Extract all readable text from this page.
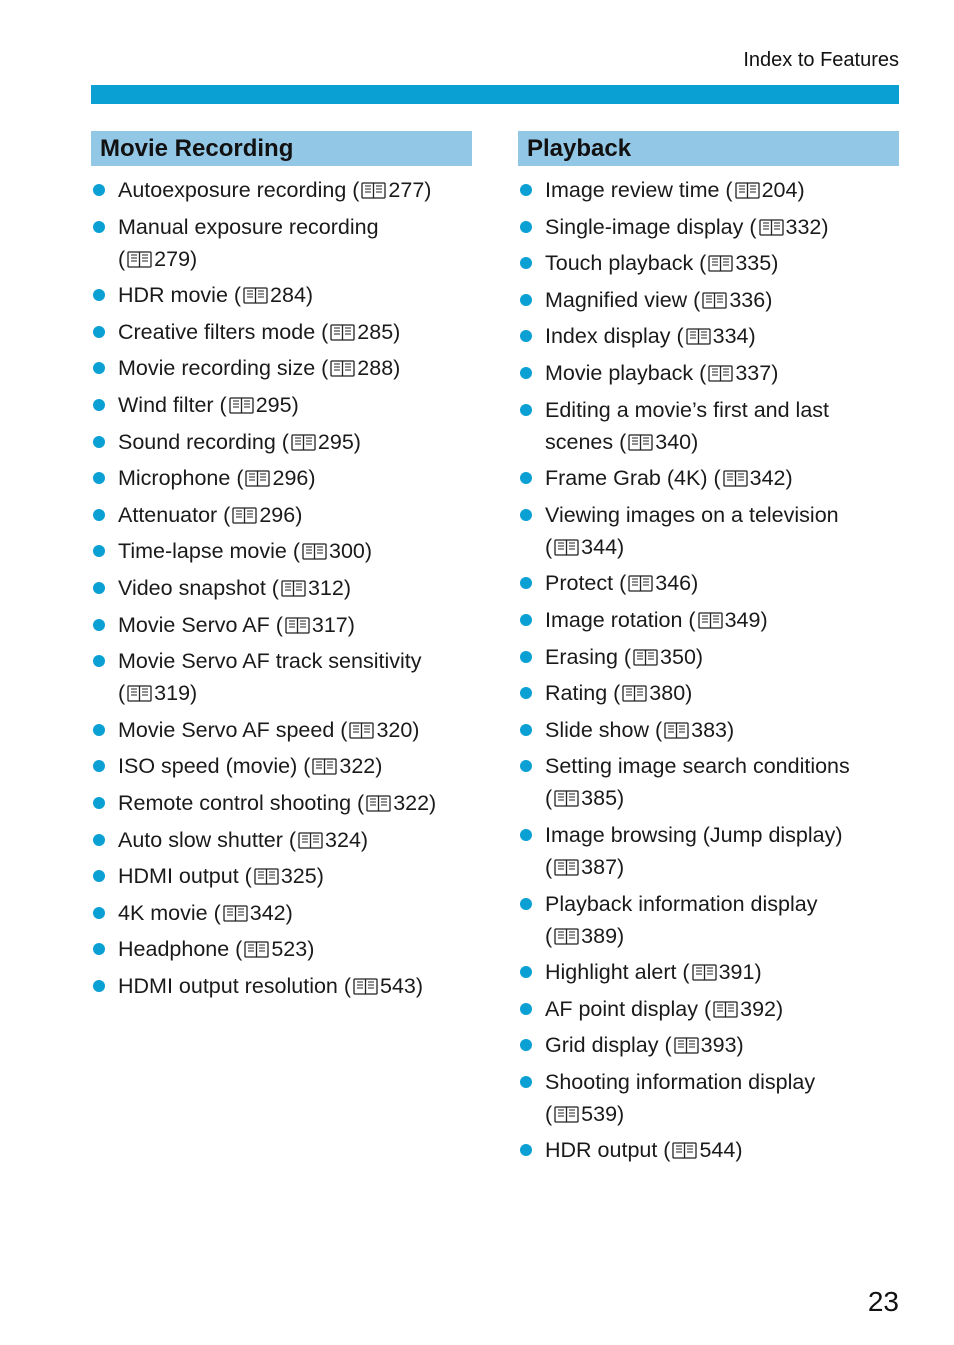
Index to Features
Movie Recording
Autoexposure recording ( 277)
Manual exposure recording
( 279)
HDR movie ( 284)
Creative filters mode ( 285)
Movie recording size ( 288)
Wind filter ( 295)
Sound recording ( 295)
Microphone ( 296)
Attenuator ( 296)
Time-lapse movie ( 300)
Video snapshot ( 312)
Movie Servo AF ( 317)
Movie Servo AF track sensitivity
( 319)
Movie Servo AF speed ( 320)
ISO speed (movie) ( 322)
Remote control shooting ( 322)
Auto slow shutter ( 324)
HDMI output ( 325)
4K movie ( 342)
Headphone ( 523)
HDMI output resolution ( 543)
Playback
Image review time ( 204)
Single-image display ( 332)
Touch playback ( 335)
Magnified view ( 336)
Index display ( 334)
Movie playback ( 337)
Editing a movie’s first and last
scenes ( 340)
Frame Grab (4K) ( 342)
Viewing images on a television
( 344)
Protect ( 346)
Image rotation ( 349)
Erasing ( 350)
Rating ( 380)
Slide show ( 383)
Setting image search conditions
( 385)
Image browsing (Jump display)
( 387)
Playback information display
( 389)
Highlight alert ( 391)
AF point display ( 392)
Grid display ( 393)
Shooting information display
( 539)
HDR output ( 544)
23
